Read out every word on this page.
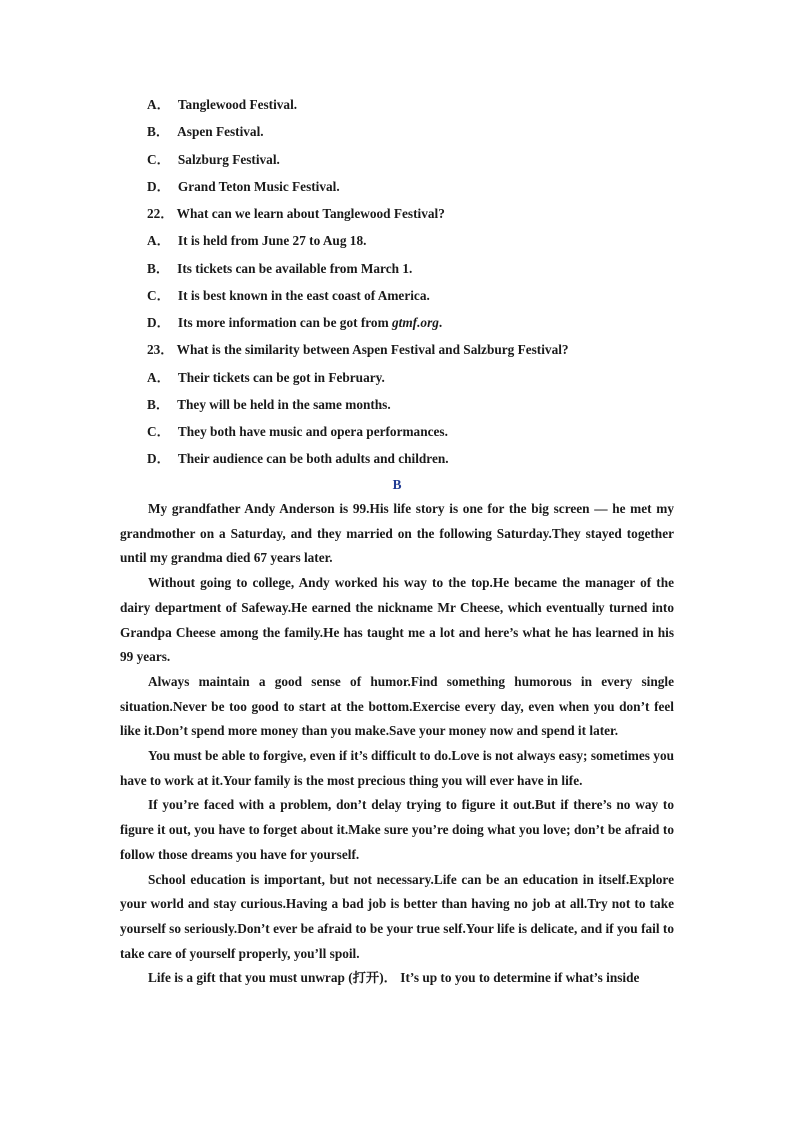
A． Tanglewood Festival.
B． Aspen Festival.
C． Salzburg Festival.
D． Grand Teton Music Festival.
22． What can we learn about Tanglewood Festival?
A． It is held from June 27 to Aug 18.
B． Its tickets can be available from March 1.
C． It is best known in the east coast of America.
D． Its more information can be got from gtmf.org.
23． What is the similarity between Aspen Festival and Salzburg Festival?
A． Their tickets can be got in February.
B． They will be held in the same months.
C． They both have music and opera performances.
D． Their audience can be both adults and children.
B

My grandfather Andy Anderson is 99.His life story is one for the big screen — he met my grandmother on a Saturday, and they married on the following Saturday.They stayed together until my grandma died 67 years later.

Without going to college, Andy worked his way to the top.He became the manager of the dairy department of Safeway.He earned the nickname Mr Cheese, which eventually turned into Grandpa Cheese among the family.He has taught me a lot and here’s what he has learned in his 99 years.

Always maintain a good sense of humor.Find something humorous in every single situation.Never be too good to start at the bottom.Exercise every day, even when you don’t feel like it.Don’t spend more money than you make.Save your money now and spend it later.

You must be able to forgive, even if it’s difficult to do.Love is not always easy; sometimes you have to work at it.Your family is the most precious thing you will ever have in life.

If you’re faced with a problem, don’t delay trying to figure it out.But if there’s no way to figure it out, you have to forget about it.Make sure you’re doing what you love; don’t be afraid to follow those dreams you have for yourself.

School education is important, but not necessary.Life can be an education in itself.Explore your world and stay curious.Having a bad job is better than having no job at all.Try not to take yourself so seriously.Don’t ever be afraid to be your true self.Your life is delicate, and if you fail to take care of yourself properly, you’ll spoil.

Life is a gift that you must unwrap (打开)． It’s up to you to determine if what’s inside
